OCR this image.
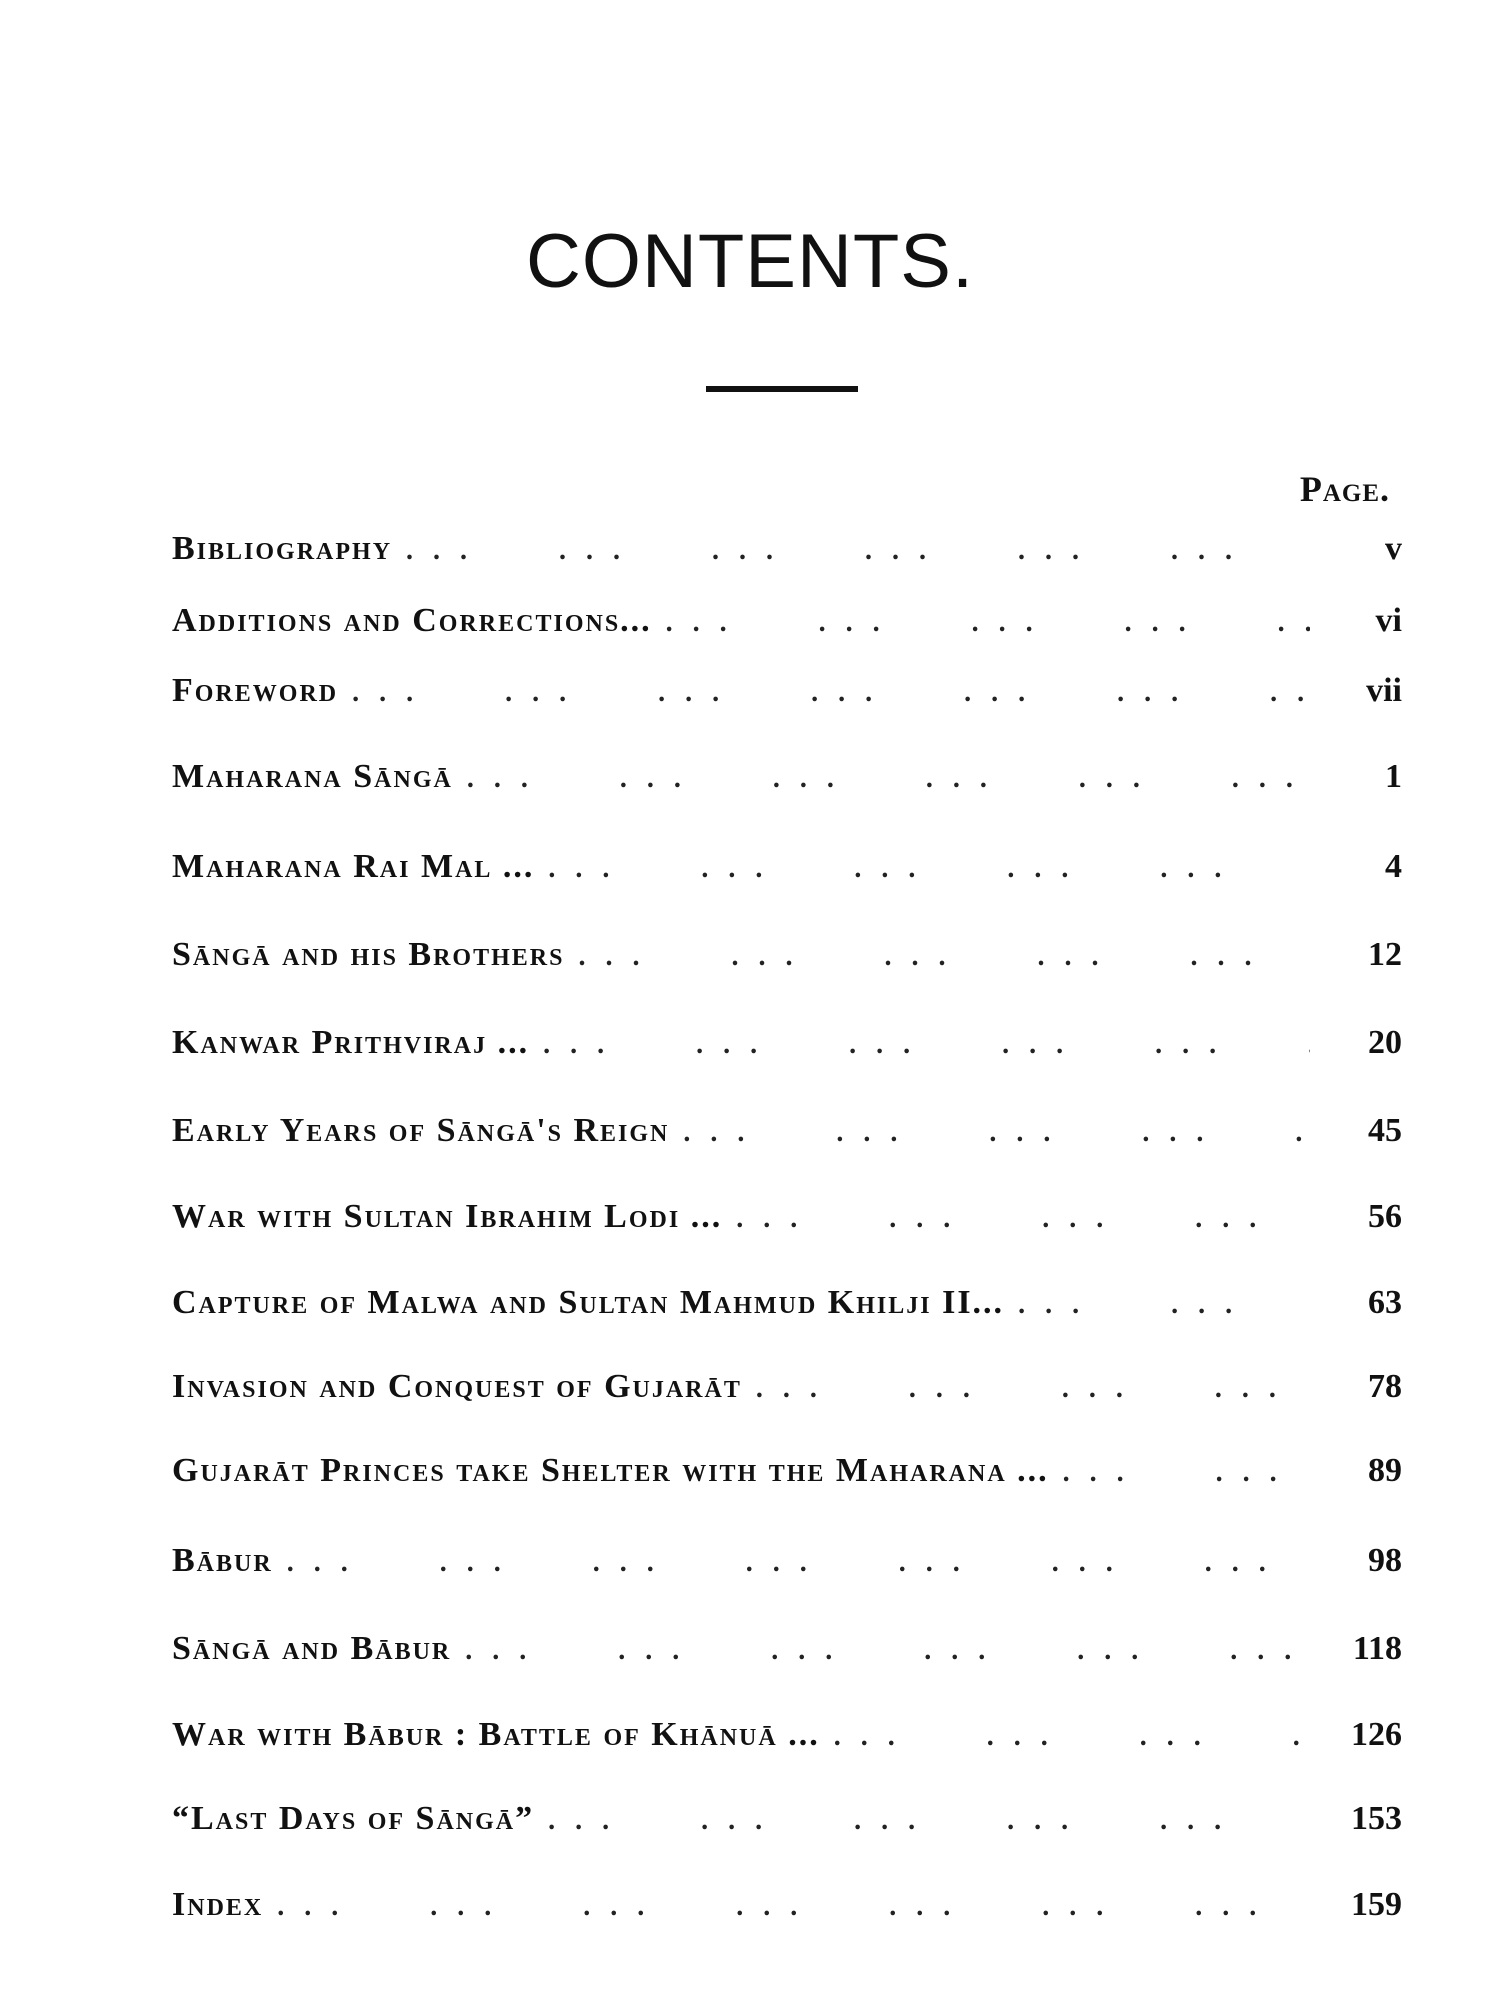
CONTENTS.
Page.
Bibliography . .	v
Additions and Corrections... . .	vi
Foreword . .	vii
Maharana Sāngā . .	1
Maharana Rai Mal ... . .	4
Sāngā and his Brothers . .	12
Kanwar Prithviraj ... . .	20
Early Years of Sāngā's Reign . .	45
War with Sultan Ibrahim Lodi ... . .	56
Capture of Malwa and Sultan Mahmud Khilji II... . .	63
Invasion and Conquest of Gujarāt . .	78
Gujarāt Princes take Shelter with the Maharana ... . .	89
Bābur . .	98
Sāngā and Bābur . .	118
War with Bābur : Battle of Khānuā ... . .	126
“Last Days of Sāngā” . .	153
Index . .	159
